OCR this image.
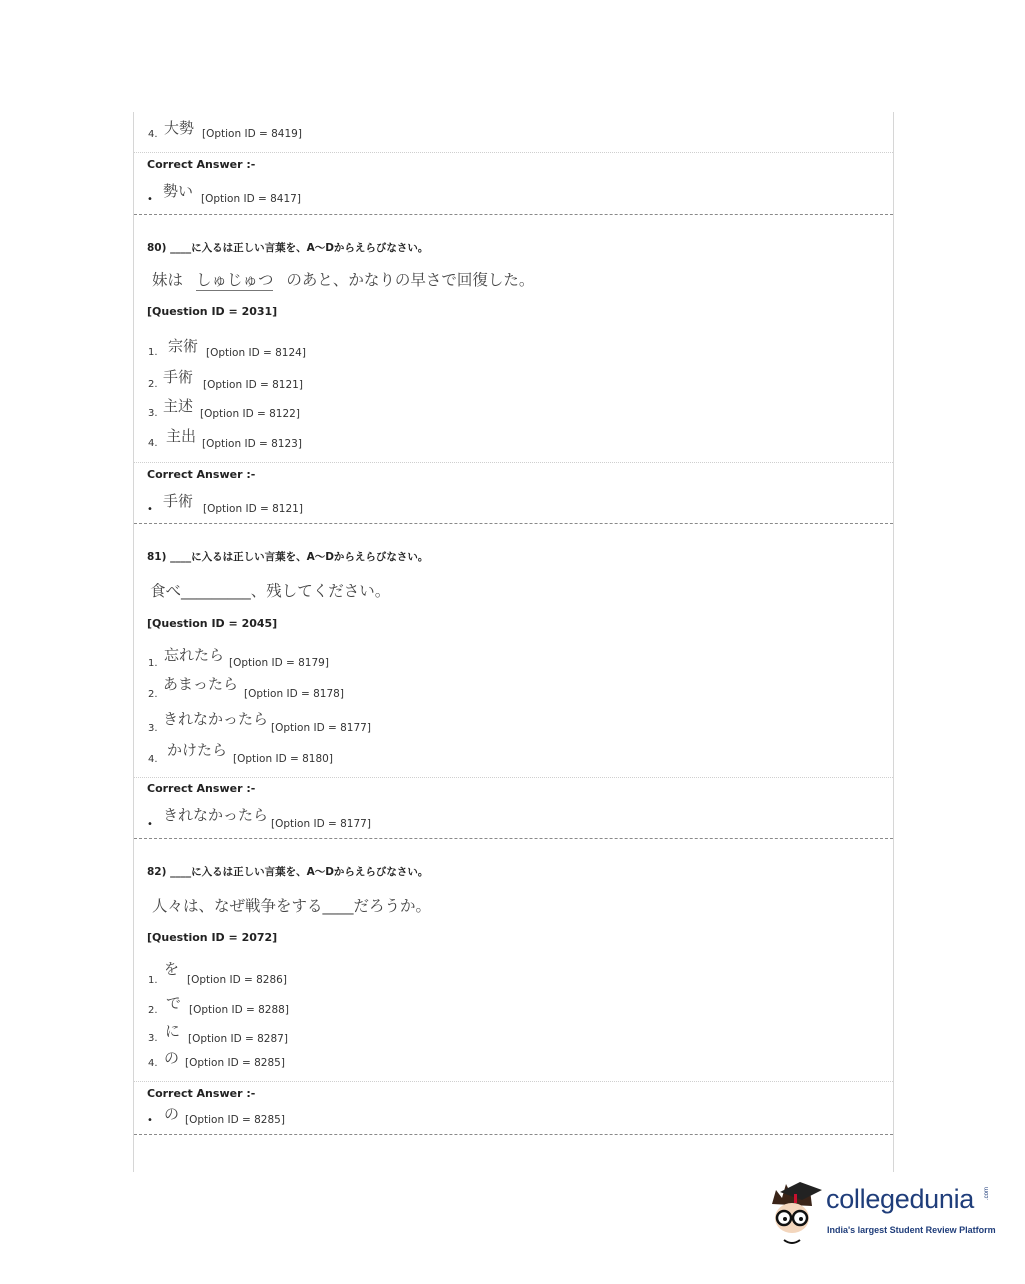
4. 大勢 [Option ID = 8419]
Correct Answer :-
• 勢い [Option ID = 8417]
80) ____に入るは正しい言葉を、A～Dからえらびなさい。
妹は しゅじゅつ のあと、かなりの早さで回復した。
[Question ID = 2031]
1. 宗術 [Option ID = 8124]
2. 手術 [Option ID = 8121]
3. 主述 [Option ID = 8122]
4. 主出 [Option ID = 8123]
Correct Answer :-
• 手術 [Option ID = 8121]
81) ____に入るは正しい言葉を、A～Dからえらびなさい。
食べ_________、残してください。
[Question ID = 2045]
1. 忘れたら [Option ID = 8179]
2.
あまったら
[Option ID = 8178]
3.
きれなかったら [Option ID = 8177]
4.
かけたら [Option ID = 8180]
Correct Answer :-
•
きれなかったら [Option ID = 8177]
82) ____に入るは正しい言葉を、A～Dからえらびなさい。
人々は、なぜ戦争をする____だろうか。
[Question ID = 2072]
1.
を
[Option ID = 8286]
2. で [Option ID = 8288]
3. に [Option ID = 8287]
4. の [Option ID = 8285]
Correct Answer :-
• の [Option ID = 8285]
collegedunia .com
India's largest Student Review Platform
